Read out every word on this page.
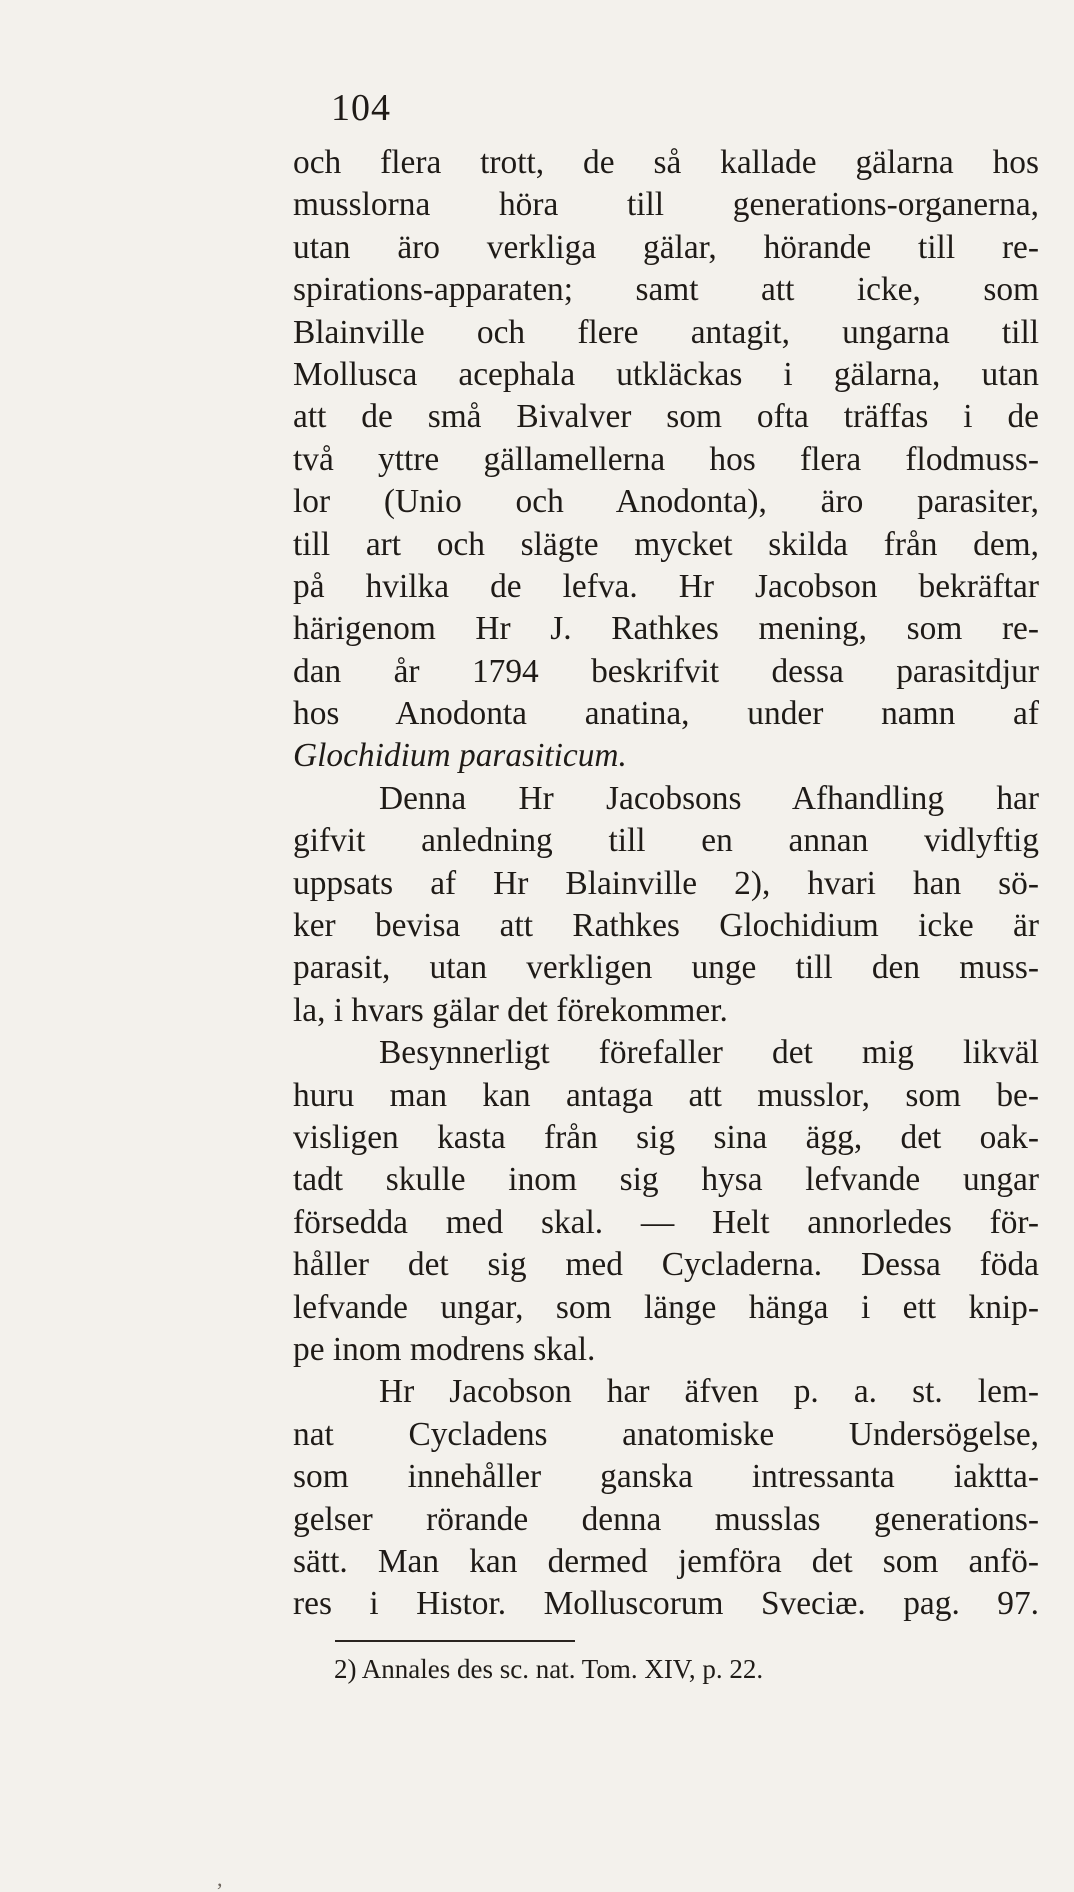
104
och flera trott, de så kallade gälarna hos
musslorna höra till generations-organerna,
utan äro verkliga gälar, hörande till re-
spirations-apparaten; samt att icke, som
Blainville och flere antagit, ungarna till
Mollusca acephala utkläckas i gälarna, utan
att de små Bivalver som ofta träffas i de
två yttre gällamellerna hos flera flodmuss-
lor (Unio och Anodonta), äro parasiter,
till art och slägte mycket skilda från dem,
på hvilka de lefva. Hr Jacobson bekräftar
härigenom Hr J. Rathkes mening, som re-
dan år 1794 beskrifvit dessa parasitdjur
hos Anodonta anatina, under namn af
Glochidium parasiticum.
Denna Hr Jacobsons Afhandling har
gifvit anledning till en annan vidlyftig
uppsats af Hr Blainville 2), hvari han sö-
ker bevisa att Rathkes Glochidium icke är
parasit, utan verkligen unge till den muss-
la, i hvars gälar det förekommer.
Besynnerligt förefaller det mig likväl
huru man kan antaga att musslor, som be-
visligen kasta från sig sina ägg, det oak-
tadt skulle inom sig hysa lefvande ungar
försedda med skal. — Helt annorledes för-
håller det sig med Cycladerna. Dessa föda
lefvande ungar, som länge hänga i ett knip-
pe inom modrens skal.
Hr Jacobson har äfven p. a. st. lem-
nat Cycladens anatomiske Undersögelse,
som innehåller ganska intressanta iaktta-
gelser rörande denna musslas generations-
sätt. Man kan dermed jemföra det som anfö-
res i Histor. Molluscorum Sveciæ. pag. 97.
2) Annales des sc. nat. Tom. XIV, p. 22.
,
